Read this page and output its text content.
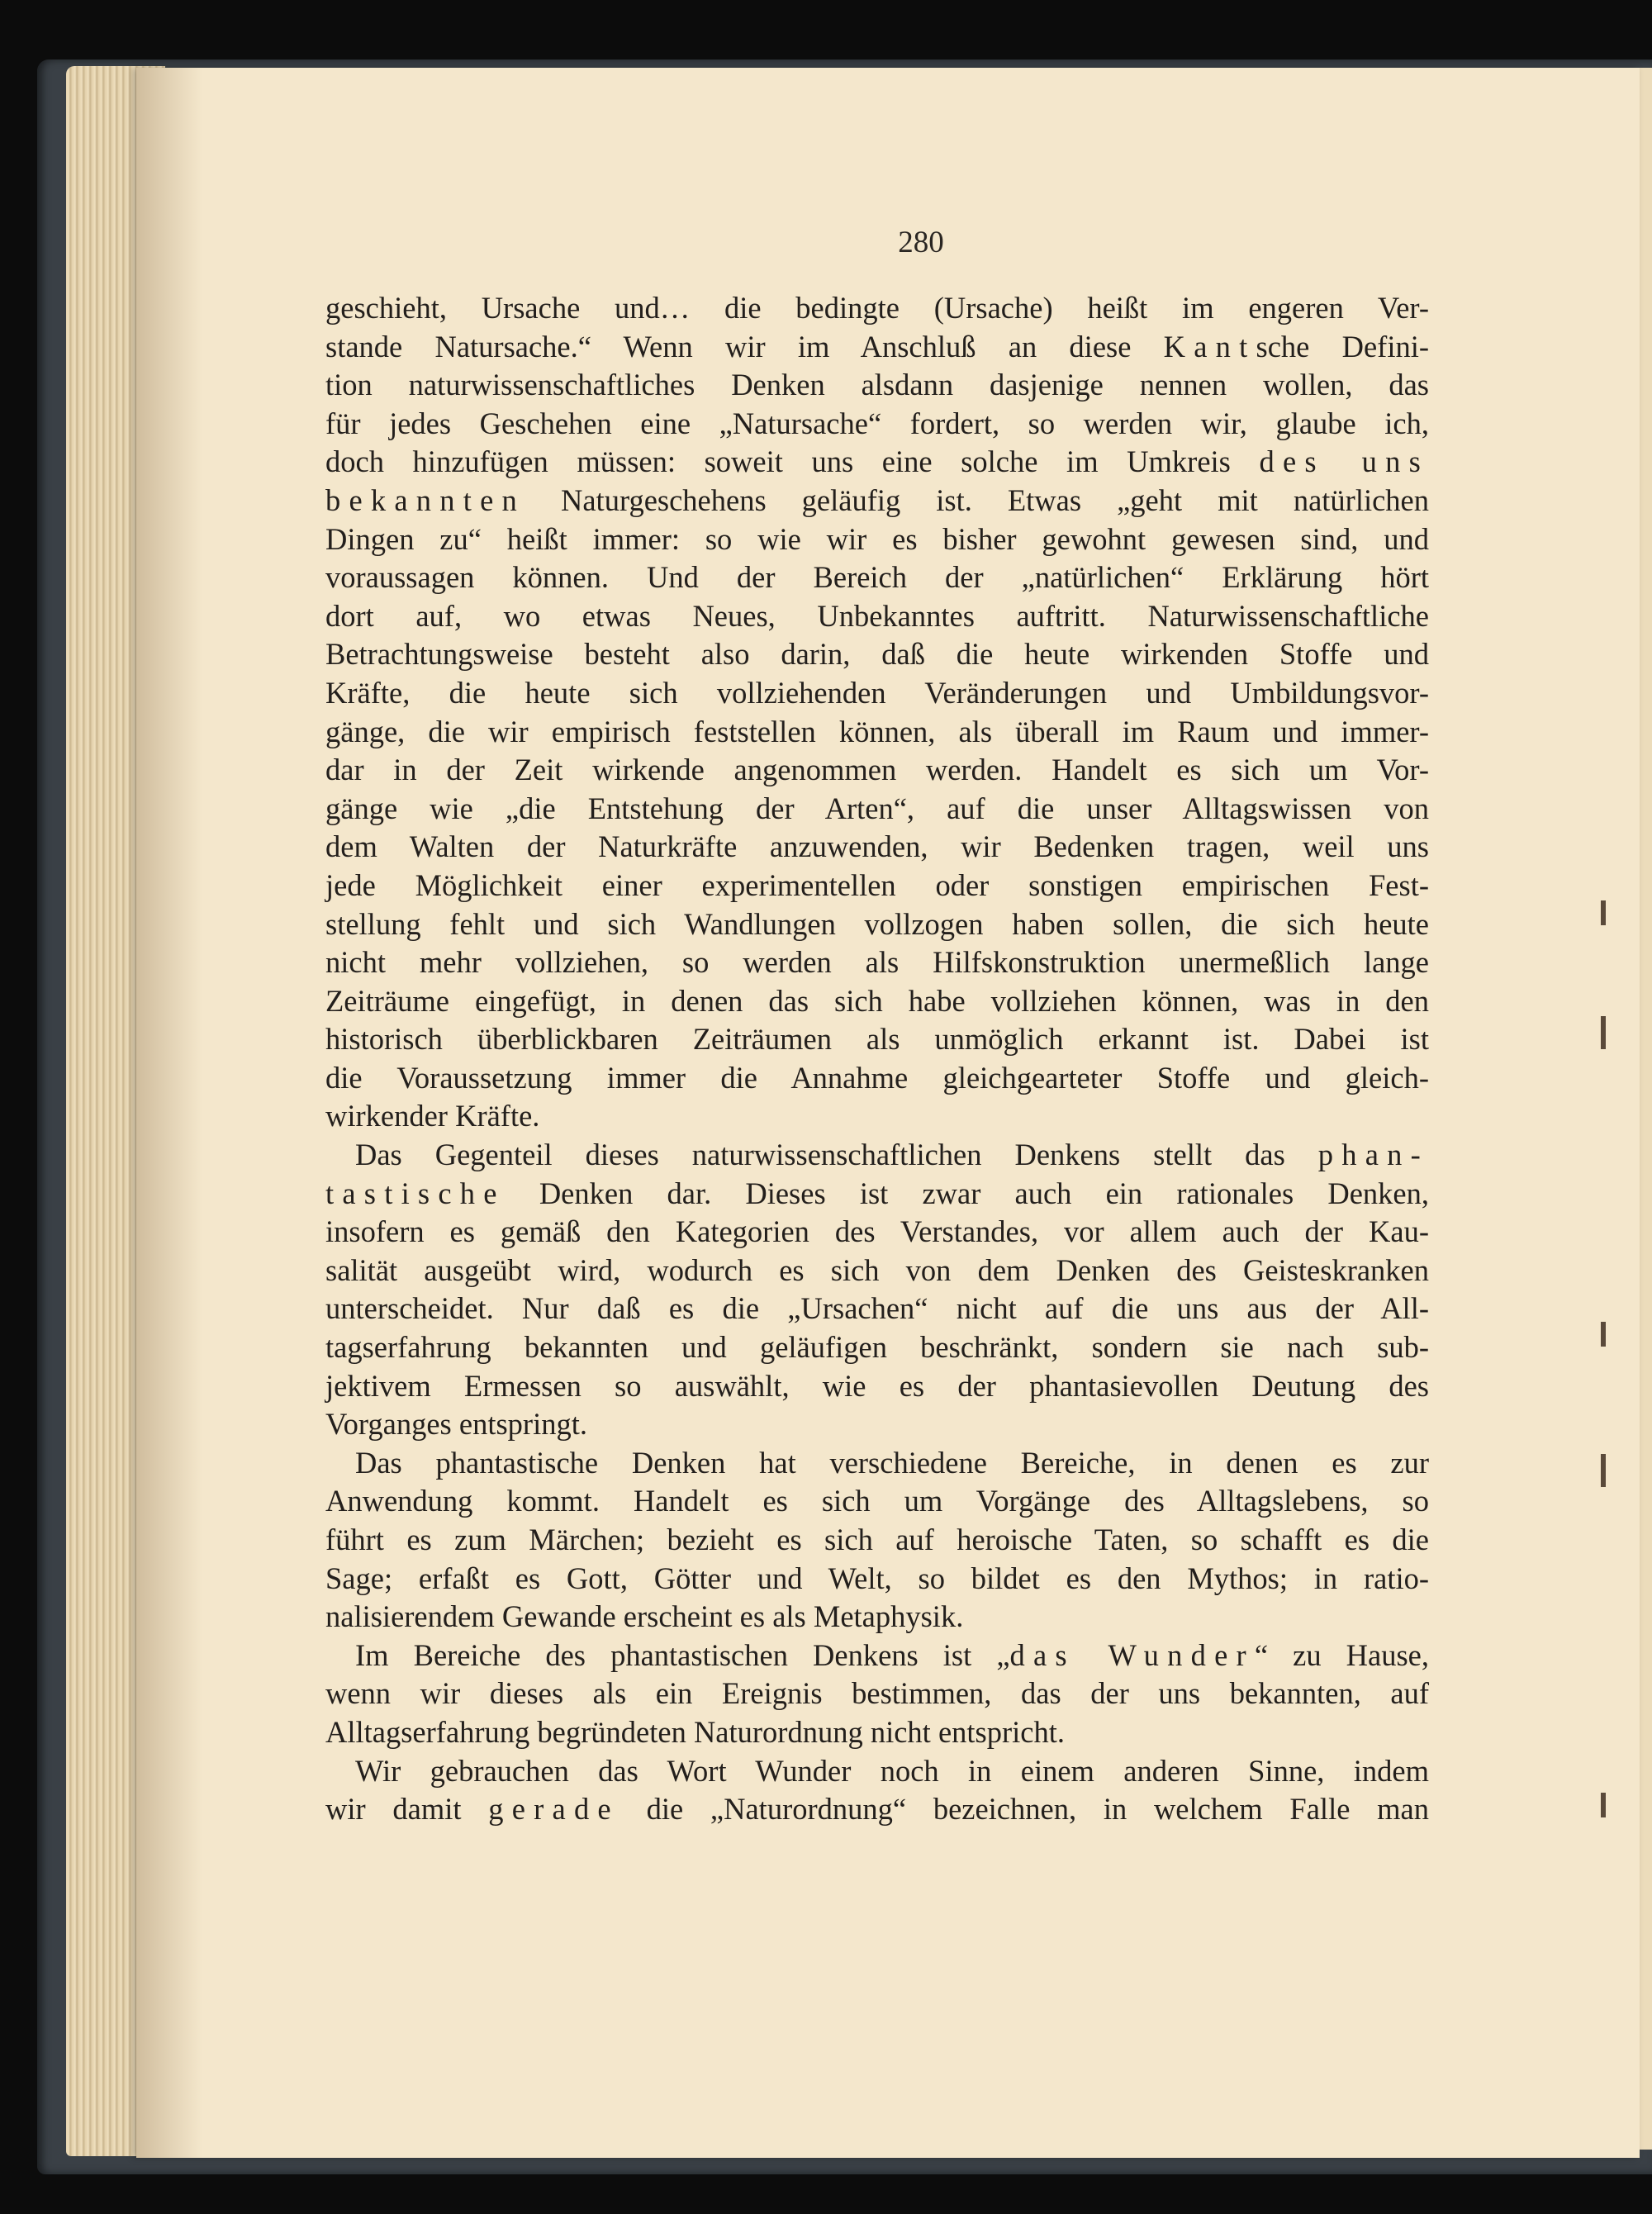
280
geschieht, Ursache und… die bedingte (Ursache) heißt im engeren Ver-
stande Natursache.“ Wenn wir im Anschluß an diese Kantsche Defini-
tion naturwissenschaftliches Denken alsdann dasjenige nennen wollen, das
für jedes Geschehen eine „Natursache“ fordert, so werden wir, glaube ich,
doch hinzufügen müssen: soweit uns eine solche im Umkreis des uns
bekannten Naturgeschehens geläufig ist. Etwas „geht mit natürlichen
Dingen zu“ heißt immer: so wie wir es bisher gewohnt gewesen sind, und
voraussagen können. Und der Bereich der „natürlichen“ Erklärung hört
dort auf, wo etwas Neues, Unbekanntes auftritt. Naturwissenschaftliche
Betrachtungsweise besteht also darin, daß die heute wirkenden Stoffe und
Kräfte, die heute sich vollziehenden Veränderungen und Umbildungsvor-
gänge, die wir empirisch feststellen können, als überall im Raum und immer-
dar in der Zeit wirkende angenommen werden. Handelt es sich um Vor-
gänge wie „die Entstehung der Arten“, auf die unser Alltagswissen von
dem Walten der Naturkräfte anzuwenden, wir Bedenken tragen, weil uns
jede Möglichkeit einer experimentellen oder sonstigen empirischen Fest-
stellung fehlt und sich Wandlungen vollzogen haben sollen, die sich heute
nicht mehr vollziehen, so werden als Hilfskonstruktion unermeßlich lange
Zeiträume eingefügt, in denen das sich habe vollziehen können, was in den
historisch überblickbaren Zeiträumen als unmöglich erkannt ist. Dabei ist
die Voraussetzung immer die Annahme gleichgearteter Stoffe und gleich-
wirkender Kräfte.
Das Gegenteil dieses naturwissenschaftlichen Denkens stellt das phan-
tastische Denken dar. Dieses ist zwar auch ein rationales Denken,
insofern es gemäß den Kategorien des Verstandes, vor allem auch der Kau-
salität ausgeübt wird, wodurch es sich von dem Denken des Geisteskranken
unterscheidet. Nur daß es die „Ursachen“ nicht auf die uns aus der All-
tagserfahrung bekannten und geläufigen beschränkt, sondern sie nach sub-
jektivem Ermessen so auswählt, wie es der phantasievollen Deutung des
Vorganges entspringt.
Das phantastische Denken hat verschiedene Bereiche, in denen es zur
Anwendung kommt. Handelt es sich um Vorgänge des Alltagslebens, so
führt es zum Märchen; bezieht es sich auf heroische Taten, so schafft es die
Sage; erfaßt es Gott, Götter und Welt, so bildet es den Mythos; in ratio-
nalisierendem Gewande erscheint es als Metaphysik.
Im Bereiche des phantastischen Denkens ist „das Wunder“ zu Hause,
wenn wir dieses als ein Ereignis bestimmen, das der uns bekannten, auf
Alltagserfahrung begründeten Naturordnung nicht entspricht.
Wir gebrauchen das Wort Wunder noch in einem anderen Sinne, indem
wir damit gerade die „Naturordnung“ bezeichnen, in welchem Falle man
